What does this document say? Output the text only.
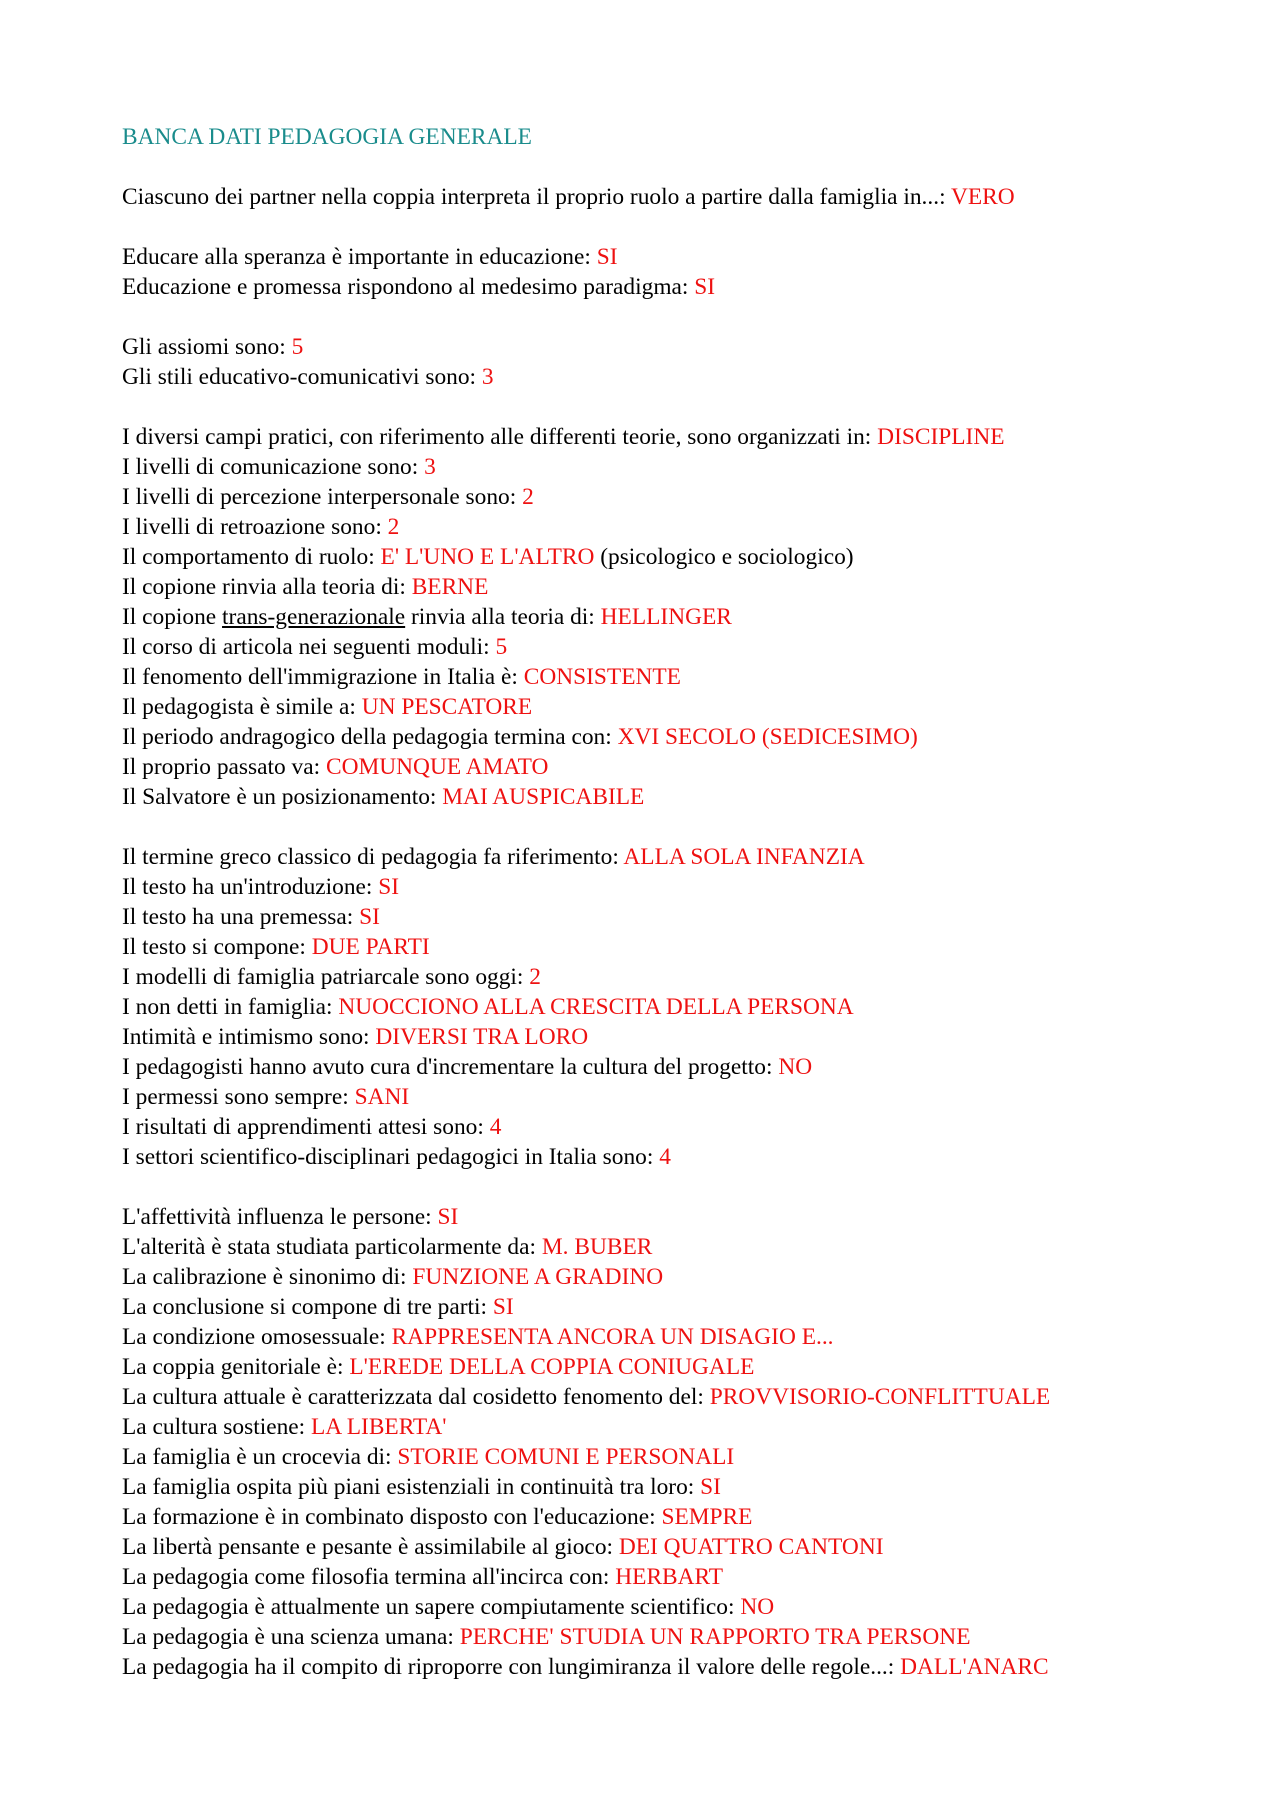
BANCA DATI PEDAGOGIA GENERALE
Ciascuno dei partner nella coppia interpreta il proprio ruolo a partire dalla famiglia in...: VERO
Educare alla speranza è importante in educazione: SI
Educazione e promessa rispondono al medesimo paradigma: SI
Gli assiomi sono: 5
Gli stili educativo-comunicativi sono: 3
I diversi campi pratici, con riferimento alle differenti teorie, sono organizzati in: DISCIPLINE
I livelli di comunicazione sono: 3
I livelli di percezione interpersonale sono: 2
I livelli di retroazione sono: 2
Il comportamento di ruolo: E' L'UNO E L'ALTRO (psicologico e sociologico)
Il copione rinvia alla teoria di: BERNE
Il copione trans-generazionale rinvia alla teoria di: HELLINGER
Il corso di articola nei seguenti moduli: 5
Il fenomento dell'immigrazione in Italia è: CONSISTENTE
Il pedagogista è simile a: UN PESCATORE
Il periodo andragogico della pedagogia termina con: XVI SECOLO (SEDICESIMO)
Il proprio passato va: COMUNQUE AMATO
Il Salvatore è un posizionamento: MAI AUSPICABILE
Il termine greco classico di pedagogia fa riferimento: ALLA SOLA INFANZIA
Il testo ha un'introduzione: SI
Il testo ha una premessa: SI
Il testo si compone: DUE PARTI
I modelli di famiglia patriarcale sono oggi: 2
I non detti in famiglia: NUOCCIONO ALLA CRESCITA DELLA PERSONA
Intimità e intimismo sono: DIVERSI TRA LORO
I pedagogisti hanno avuto cura d'incrementare la cultura del progetto: NO
I permessi sono sempre: SANI
I risultati di apprendimenti attesi sono: 4
I settori scientifico-disciplinari pedagogici in Italia sono: 4
L'affettività influenza le persone: SI
L'alterità è stata studiata particolarmente da: M. BUBER
La calibrazione è sinonimo di: FUNZIONE A GRADINO
La conclusione si compone di tre parti: SI
La condizione omosessuale: RAPPRESENTA ANCORA UN DISAGIO E...
La coppia genitoriale è: L'EREDE DELLA COPPIA CONIUGALE
La cultura attuale è caratterizzata dal cosidetto fenomento del: PROVVISORIO-CONFLITTUALE
La cultura sostiene: LA LIBERTA'
La famiglia è un crocevia di: STORIE COMUNI E PERSONALI
La famiglia ospita più piani esistenziali in continuità tra loro: SI
La formazione è in combinato disposto con l'educazione: SEMPRE
La libertà pensante e pesante è assimilabile al gioco: DEI QUATTRO CANTONI
La pedagogia come filosofia termina all'incirca con: HERBART
La pedagogia è attualmente un sapere compiutamente scientifico: NO
La pedagogia è una scienza umana: PERCHE' STUDIA UN RAPPORTO TRA PERSONE
La pedagogia ha il compito di riproporre con lungimiranza il valore delle regole...: DALL'ANARC
